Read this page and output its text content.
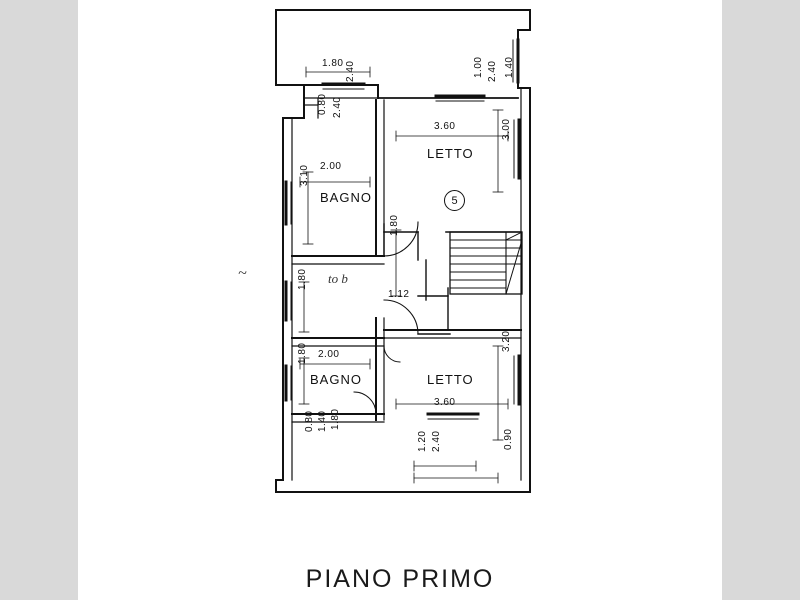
LETTO
BAGNO
BAGNO	LETTO
5
1.80
0.80 2.40
2.40	1.00 2.40 1.40
3.60	3.00
2.00
3.10
1.80
1.12
1.80
2.00
1.80
3.60
3.20
0.80 1.40 1.80
1.20 2.40	0.90
~	to b
PIANO PRIMO
